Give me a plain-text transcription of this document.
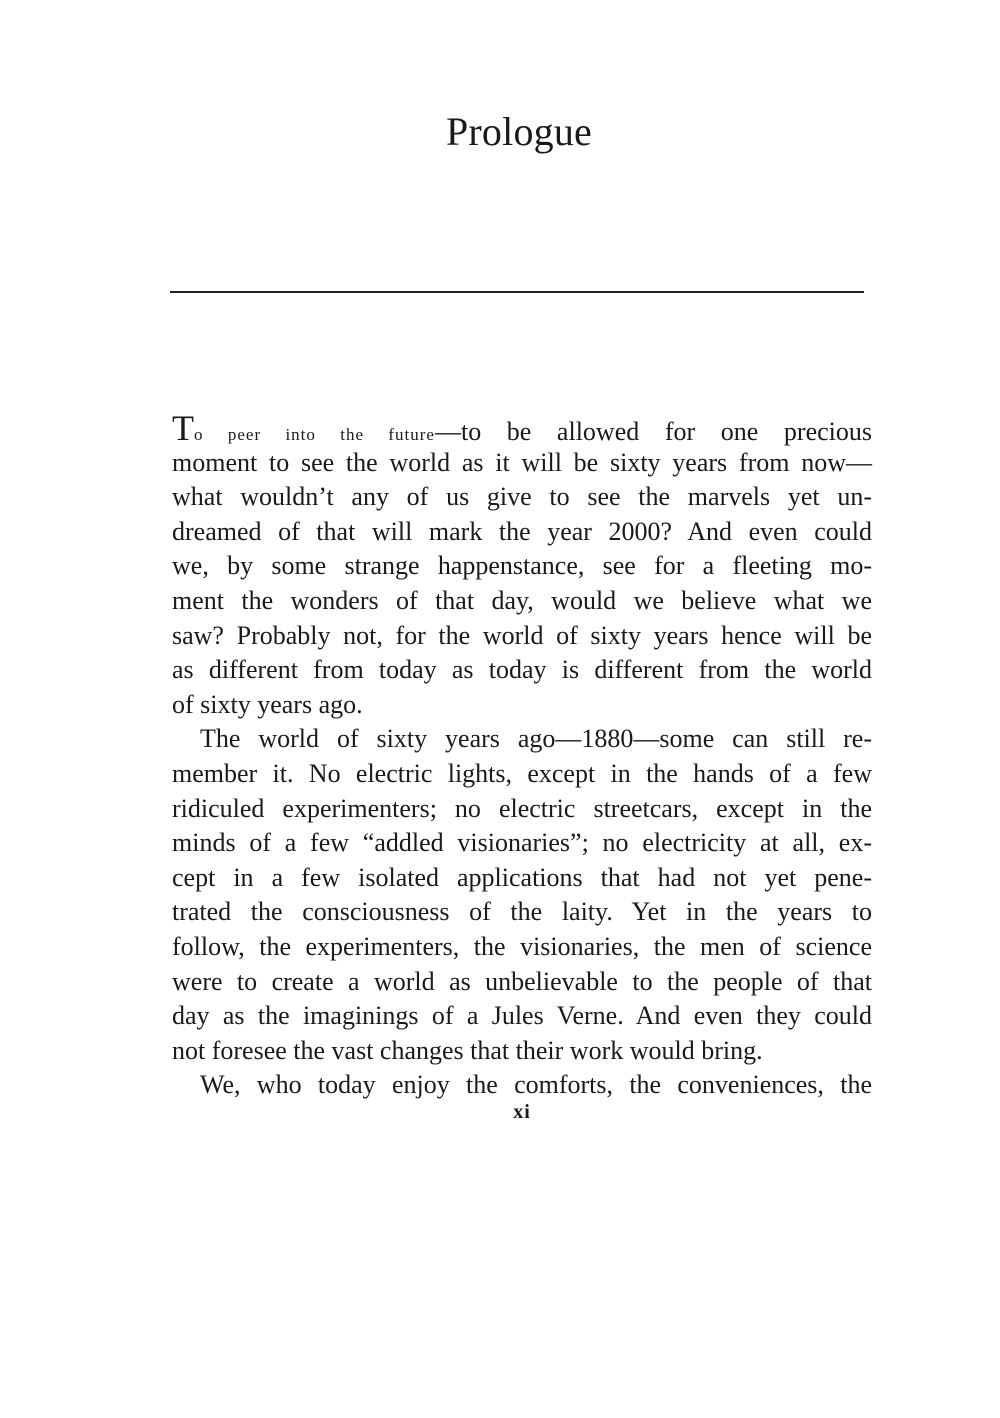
Prologue
To peer into the future—to be allowed for one precious
moment to see the world as it will be sixty years from now—
what wouldn’t any of us give to see the marvels yet un-
dreamed of that will mark the year 2000? And even could
we, by some strange happenstance, see for a fleeting mo-
ment the wonders of that day, would we believe what we
saw? Probably not, for the world of sixty years hence will be
as different from today as today is different from the world
of sixty years ago.
The world of sixty years ago—1880—some can still re-
member it. No electric lights, except in the hands of a few
ridiculed experimenters; no electric streetcars, except in the
minds of a few “addled visionaries”; no electricity at all, ex-
cept in a few isolated applications that had not yet pene-
trated the consciousness of the laity. Yet in the years to
follow, the experimenters, the visionaries, the men of science
were to create a world as unbelievable to the people of that
day as the imaginings of a Jules Verne. And even they could
not foresee the vast changes that their work would bring.
We, who today enjoy the comforts, the conveniences, the
xi
